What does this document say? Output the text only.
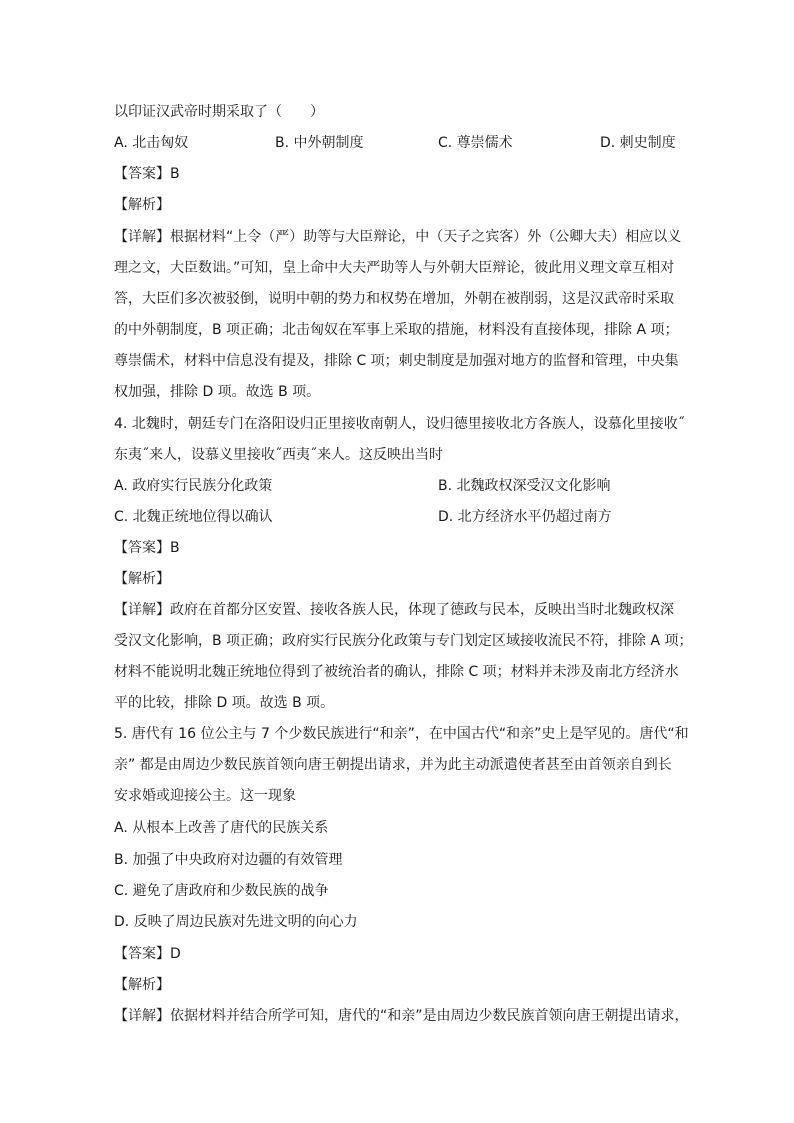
以印证汉武帝时期采取了（　　）
A. 北击匈奴	B. 中外朝制度	C. 尊崇儒术	D. 刺史制度
【答案】B
【解析】
【详解】根据材料“上令（严）助等与大臣辩论，中（天子之宾客）外（公卿大夫）相应以义
理之文，大臣数诎。”可知，皇上命中大夫严助等人与外朝大臣辩论，彼此用义理文章互相对
答，大臣们多次被驳倒，说明中朝的势力和权势在增加，外朝在被削弱，这是汉武帝时采取
的中外朝制度，B 项正确；北击匈奴在军事上采取的措施，材料没有直接体现，排除 A 项；
尊崇儒术，材料中信息没有提及，排除 C 项；刺史制度是加强对地方的监督和管理，中央集
权加强，排除 D 项。故选 B 项。
4. 北魏时，朝廷专门在洛阳设归正里接收南朝人，设归德里接收北方各族人，设慕化里接收˝
东夷˝来人，设慕义里接收˝西夷˝来人。这反映出当时
A. 政府实行民族分化政策	B. 北魏政权深受汉文化影响
C. 北魏正统地位得以确认	D. 北方经济水平仍超过南方
【答案】B
【解析】
【详解】政府在首都分区安置、接收各族人民，体现了德政与民本，反映出当时北魏政权深
受汉文化影响，B 项正确；政府实行民族分化政策与专门划定区域接收流民不符，排除 A 项；
材料不能说明北魏正统地位得到了被统治者的确认，排除 C 项；材料并未涉及南北方经济水
平的比较，排除 D 项。故选 B 项。
5. 唐代有 16 位公主与 7 个少数民族进行“和亲”，在中国古代“和亲”史上是罕见的。唐代“和
亲” 都是由周边少数民族首领向唐王朝提出请求，并为此主动派遣使者甚至由首领亲自到长
安求婚或迎接公主。这一现象
A. 从根本上改善了唐代的民族关系
B. 加强了中央政府对边疆的有效管理
C. 避免了唐政府和少数民族的战争
D. 反映了周边民族对先进文明的向心力
【答案】D
【解析】
【详解】依据材料并结合所学可知，唐代的“和亲”是由周边少数民族首领向唐王朝提出请求，
